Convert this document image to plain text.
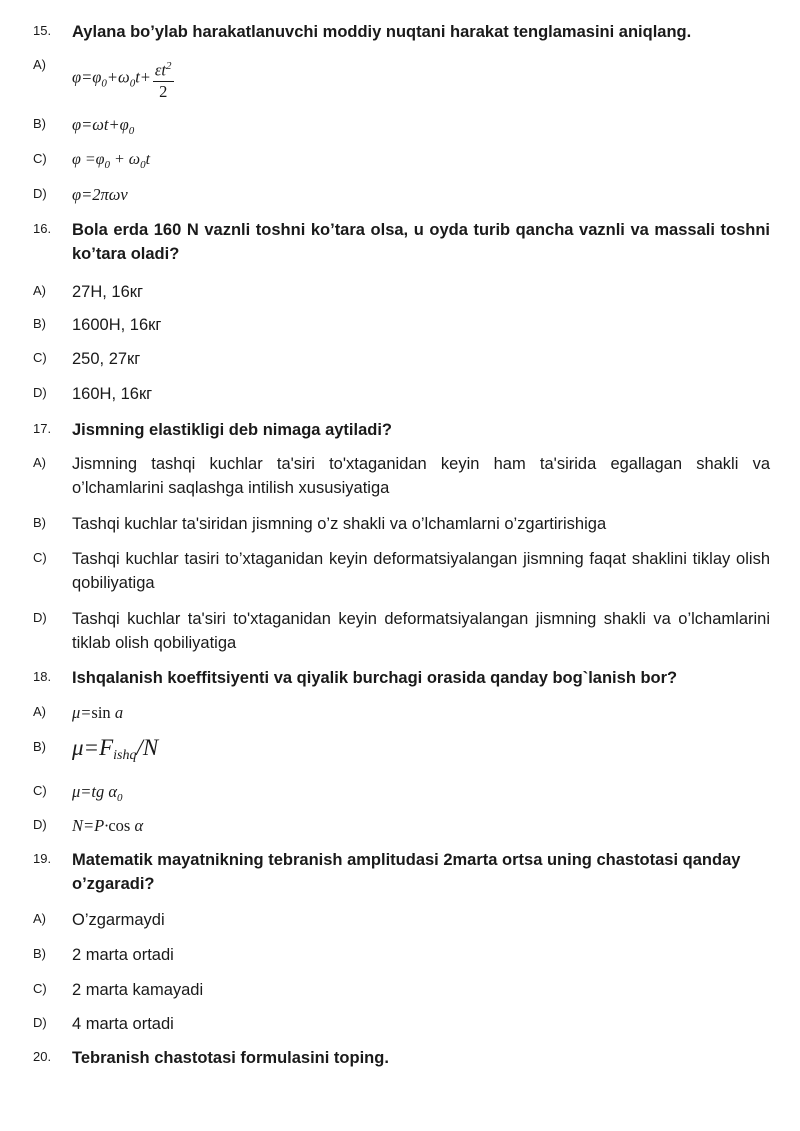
15. Aylana bo’ylab harakatlanuvchi moddiy nuqtani harakat tenglamasini aniqlang.
A)
$\varphi=\varphi_0+\omega_0t+ \frac{\varepsilon t^2}{2}$
B) $\varphi=\omega t+\varphi_0$
C) $\varphi =\varphi_0 + \omega_0t$
D) φ=2πων
16. Bola erda 160 N vaznli toshni ko’tara olsa, u oyda turib qancha vaznli va massali toshni ko’tara oladi?
A) 27Н, 16кг
B) 1600Н, 16кг
C) 250, 27кг
D) 160Н, 16кг
17. Jismning elastikligi deb nimaga aytiladi?
A) Jismning tashqi kuchlar ta'siri to'xtaganidan keyin ham ta'sirida egallagan shakli va o’lchamlarini saqlashga intilish xususiyatiga
B) Tashqi kuchlar ta'siridan jismning o’z shakli va o’lchamlarni o’zgartirishiga
C) Tashqi kuchlar tasiri to’xtaganidan keyin deformatsiyalangan jismning faqat shaklini tiklay olish qobiliyatiga
D) Tashqi kuchlar ta'siri to'xtaganidan keyin deformatsiyalangan jismning shakli va o’lchamlarini tiklab olish qobiliyatiga
18. Ishqalanish koeffitsiyenti va qiyalik burchagi orasida qanday bog`lanish bor?
A) μ=sin a
B) $\mu=F_{ishq}/N$
C) μ=tg $\alpha_0$
D) N=P·cos α
19. Matematik mayatnikning tebranish amplitudasi 2marta ortsa uning chastotasi qanday o’zgaradi?
A) O’zgarmaydi
B) 2 marta ortadi
C) 2 marta kamayadi
D) 4 marta ortadi
20. Tebranish chastotasi formulasini toping.
